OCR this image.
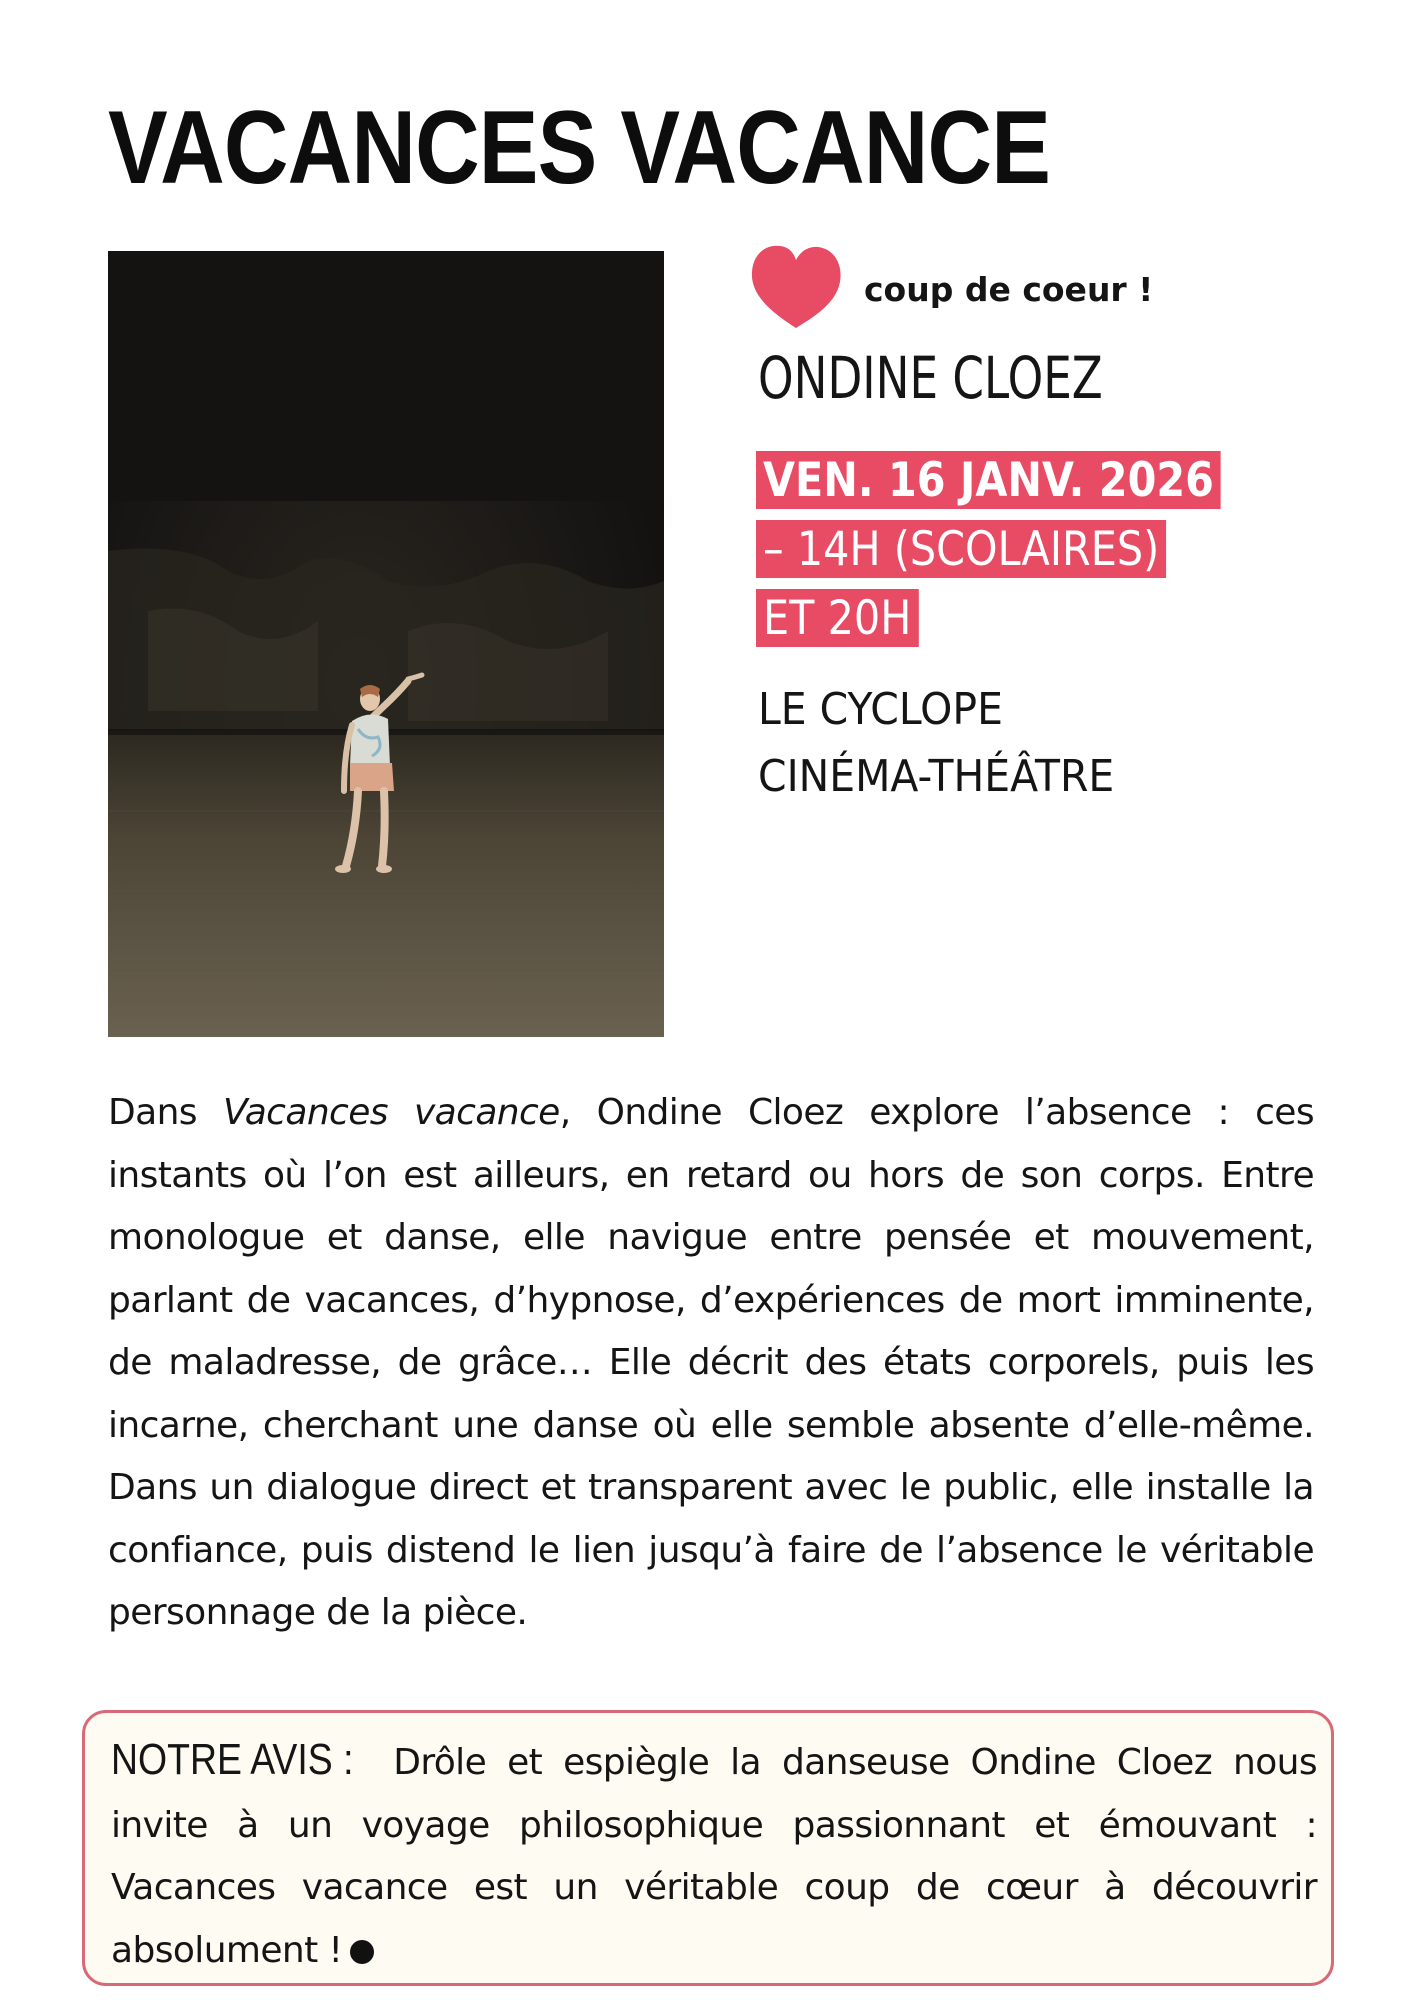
VACANCES VACANCE
coup de coeur !
ONDINE CLOEZ
VEN. 16 JANV. 2026
– 14H (SCOLAIRES)
ET 20H
LE CYCLOPE
CINÉMA-THÉÂTRE

Dans Vacances vacance, Ondine Cloez explore l’absence : ces instants où l’on est ailleurs, en retard ou hors de son corps. Entre monologue et danse, elle navigue entre pensée et mouvement, parlant de vacances, d’hypnose, d’expériences de mort imminente, de maladresse, de grâce… Elle décrit des états corporels, puis les incarne, cherchant une danse où elle semble absente d’elle-même. Dans un dialogue direct et transparent avec le public, elle installe la confiance, puis distend le lien jusqu’à faire de l’absence le véritable personnage de la pièce.

NOTRE AVIS : Drôle et espiègle la danseuse Ondine Cloez nous invite à un voyage philosophique passionnant et émouvant : Vacances vacance est un véritable coup de cœur à découvrir absolument !
